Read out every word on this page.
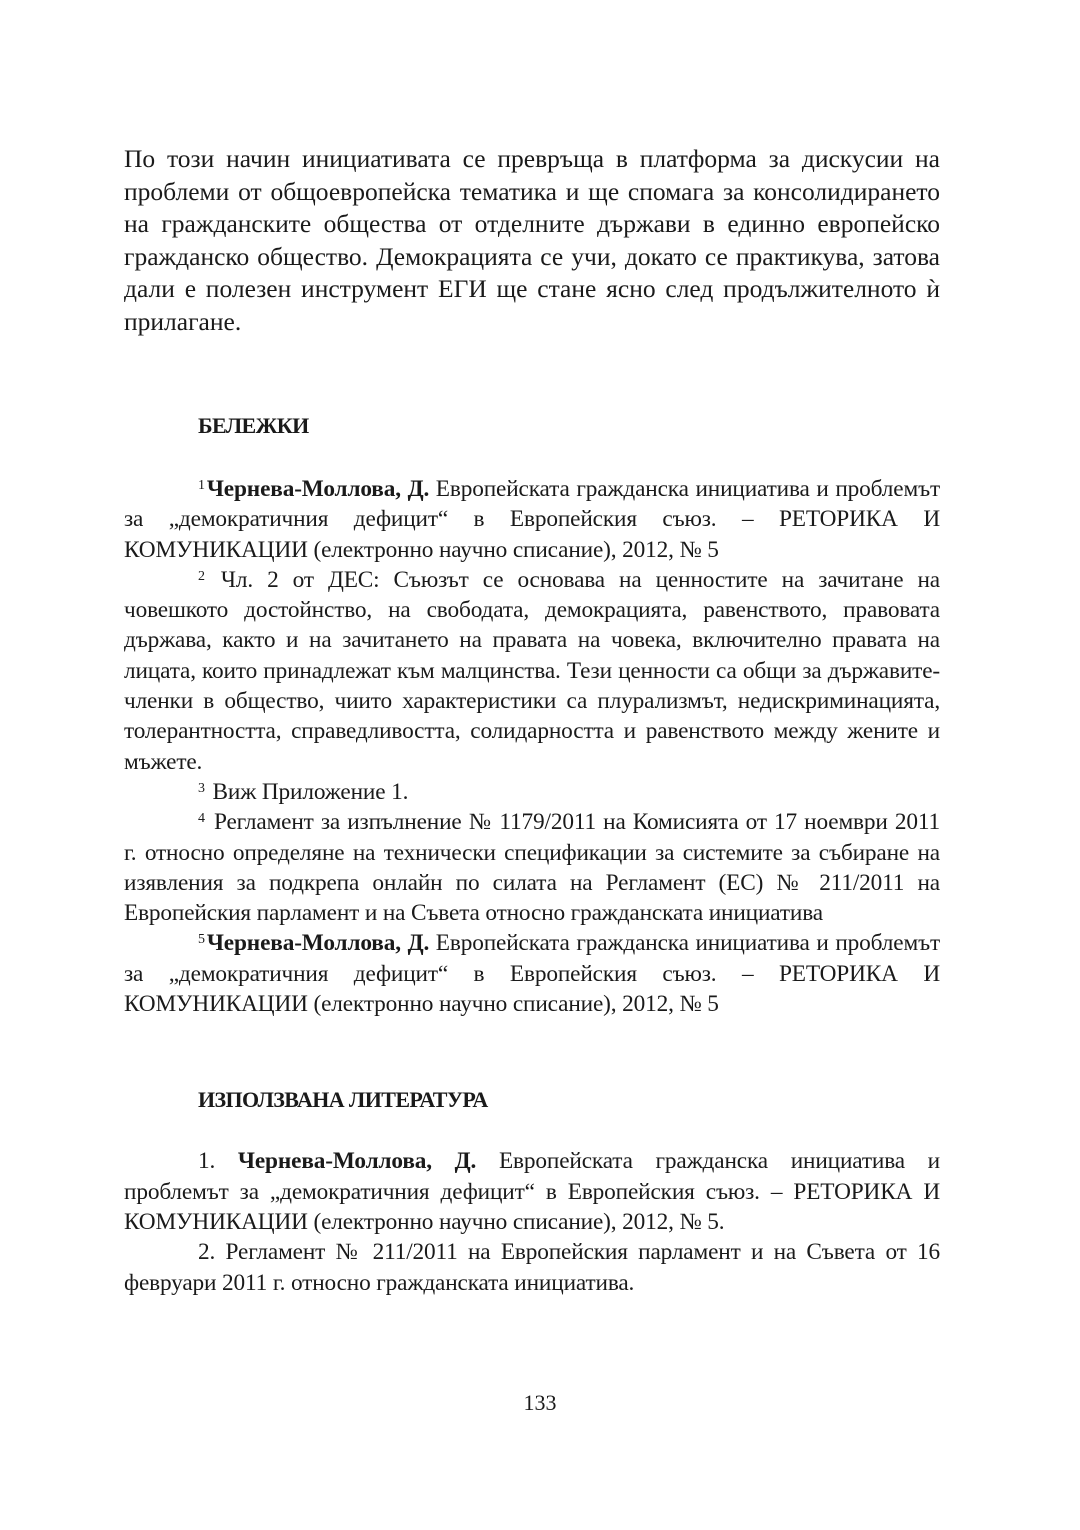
По този начин инициативата се превръща в платформа за дискусии на проблеми от общоевропейска тематика и ще спомага за консолидирането на гражданските общества от отделните държави в единно европейско гражданско общество. Демокрацията се учи, докато се практикува, затова дали е полезен инструмент ЕГИ ще стане ясно след продължителното ѝ прилагане.

БЕЛЕЖКИ

$^1$Чернева-Моллова, Д. Европейската гражданска инициатива и проблемът за „демократичния дефицит“ в Европейския съюз. – РЕТОРИКА И КОМУНИКАЦИИ (електронно научно списание), 2012, № 5

$^2$ Чл. 2 от ДЕС: Съюзът се основава на ценностите на зачитане на човешкото достойнство, на свободата, демокрацията, равенството, правовата държава, както и на зачитането на правата на човека, включително правата на лицата, които принадлежат към малцинства. Тези ценности са общи за държавите-членки в общество, чиито характеристики са плурализмът, недискриминацията, толерантността, справедливостта, солидарността и равенството между жените и мъжете.

$^3$ Виж Приложение 1.

$^4$ Регламент за изпълнение № 1179/2011 на Комисията от 17 ноември 2011 г. относно определяне на технически спецификации за системите за събиране на изявления за подкрепа онлайн по силата на Регламент (ЕС) № 211/2011 на Европейския парламент и на Съвета относно гражданската инициатива

$^5$Чернева-Моллова, Д. Европейската гражданска инициатива и проблемът за „демократичния дефицит“ в Европейския съюз. – РЕТОРИКА И КОМУНИКАЦИИ (електронно научно списание), 2012, № 5

ИЗПОЛЗВАНА ЛИТЕРАТУРА

1. Чернева-Моллова, Д. Европейската гражданска инициатива и проблемът за „демократичния дефицит“ в Европейския съюз. – РЕТОРИКА И КОМУНИКАЦИИ (електронно научно списание), 2012, № 5.

2. Регламент № 211/2011 на Европейския парламент и на Съвета от 16 февруари 2011 г. относно гражданската инициатива.

133
